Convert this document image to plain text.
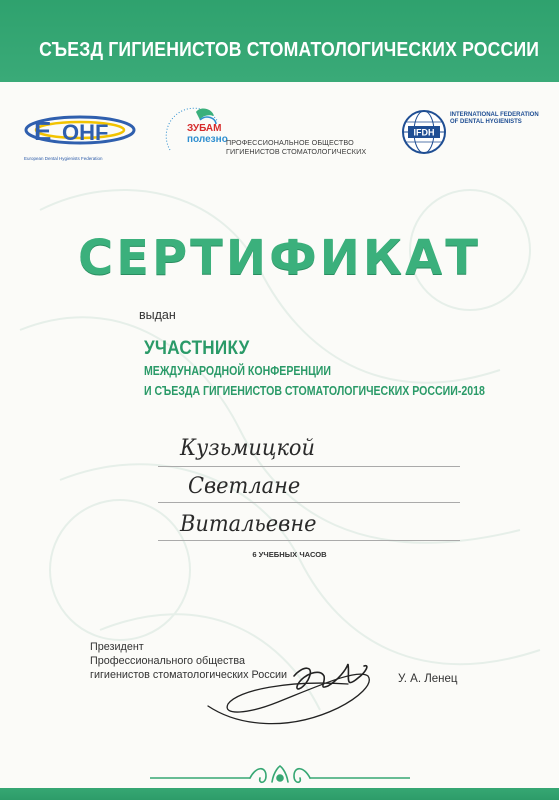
СЪЕЗД ГИГИЕНИСТОВ СТОМАТОЛОГИЧЕСКИХ РОССИИ
E OHF
European Dental Hygienists Federation
ЗУБАМ
полезно
ПРОФЕССИОНАЛЬНОЕ ОБЩЕСТВО
ГИГИЕНИСТОВ СТОМАТОЛОГИЧЕСКИХ
IFDH
INTERNATIONAL FEDERATION
OF DENTAL HYGIENISTS
СЕРТИФИКАТ
выдан
УЧАСТНИКУ
МЕЖДУНАРОДНОЙ КОНФЕРЕНЦИИ
И СЪЕЗДА ГИГИЕНИСТОВ СТОМАТОЛОГИЧЕСКИХ РОССИИ-2018
Кузьмицкой
Светлане
Витальевне
6 УЧЕБНЫХ ЧАСОВ
Президент
Профессионального общества
гигиенистов стоматологических России	У. А. Ленец
